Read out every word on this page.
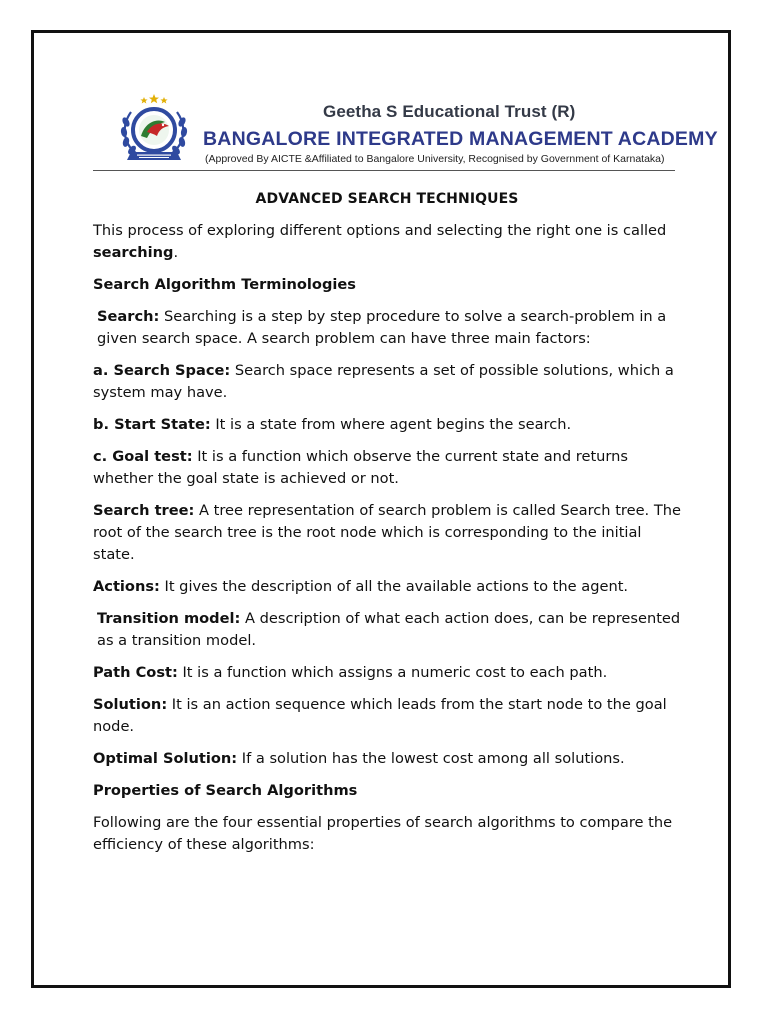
Geetha S Educational Trust (R)
BANGALORE INTEGRATED MANAGEMENT ACADEMY
(Approved By AICTE &Affiliated to Bangalore University, Recognised by Government of Karnataka)
ADVANCED SEARCH TECHNIQUES

This process of exploring different options and selecting the right one is called searching.

Search Algorithm Terminologies

Search: Searching is a step by step procedure to solve a search-problem in a given search space. A search problem can have three main factors:

a. Search Space: Search space represents a set of possible solutions, which a system may have.

b. Start State: It is a state from where agent begins the search.

c. Goal test: It is a function which observe the current state and returns whether the goal state is achieved or not.

Search tree: A tree representation of search problem is called Search tree. The root of the search tree is the root node which is corresponding to the initial state.

Actions: It gives the description of all the available actions to the agent.

Transition model: A description of what each action does, can be represented as a transition model.

Path Cost: It is a function which assigns a numeric cost to each path.

Solution: It is an action sequence which leads from the start node to the goal node.

Optimal Solution: If a solution has the lowest cost among all solutions.

Properties of Search Algorithms

Following are the four essential properties of search algorithms to compare the efficiency of these algorithms:
